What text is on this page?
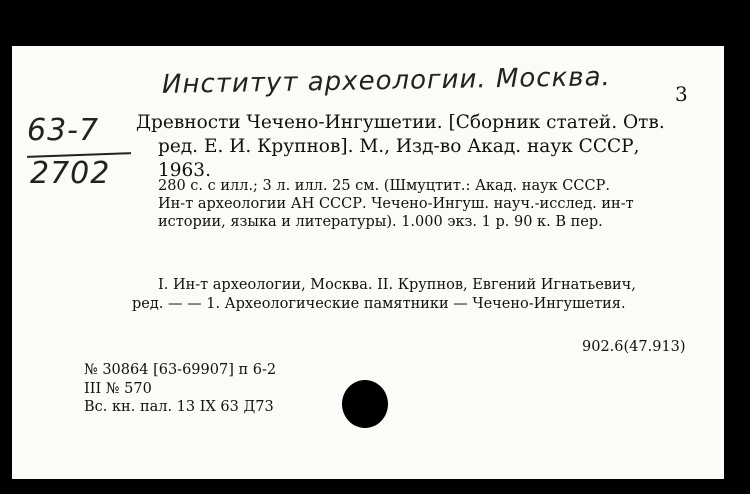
Институт археологии. Москва.	3
63-7
2702
Древности Чечено-Ингушетии. [Сборник статей. Отв.
ред. Е. И. Крупнов]. М., Изд-во Акад. наук СССР,
1963.
280 с. с илл.; 3 л. илл. 25 см. (Шмуцтит.: Акад. наук СССР.
Ин-т археологии АН СССР. Чечено-Ингуш. науч.-исслед. ин-т
истории, языка и литературы). 1.000 экз. 1 р. 90 к. В пер.
I. Ин-т археологии, Москва. II. Крупнов, Евгений Игнатьевич,
ред. — — 1. Археологические памятники — Чечено-Ингушетия.
902.6(47.913)
№ 30864 [63-69907] п 6-2
III № 570
Вс. кн. пал. 13 IX 63 Д73
